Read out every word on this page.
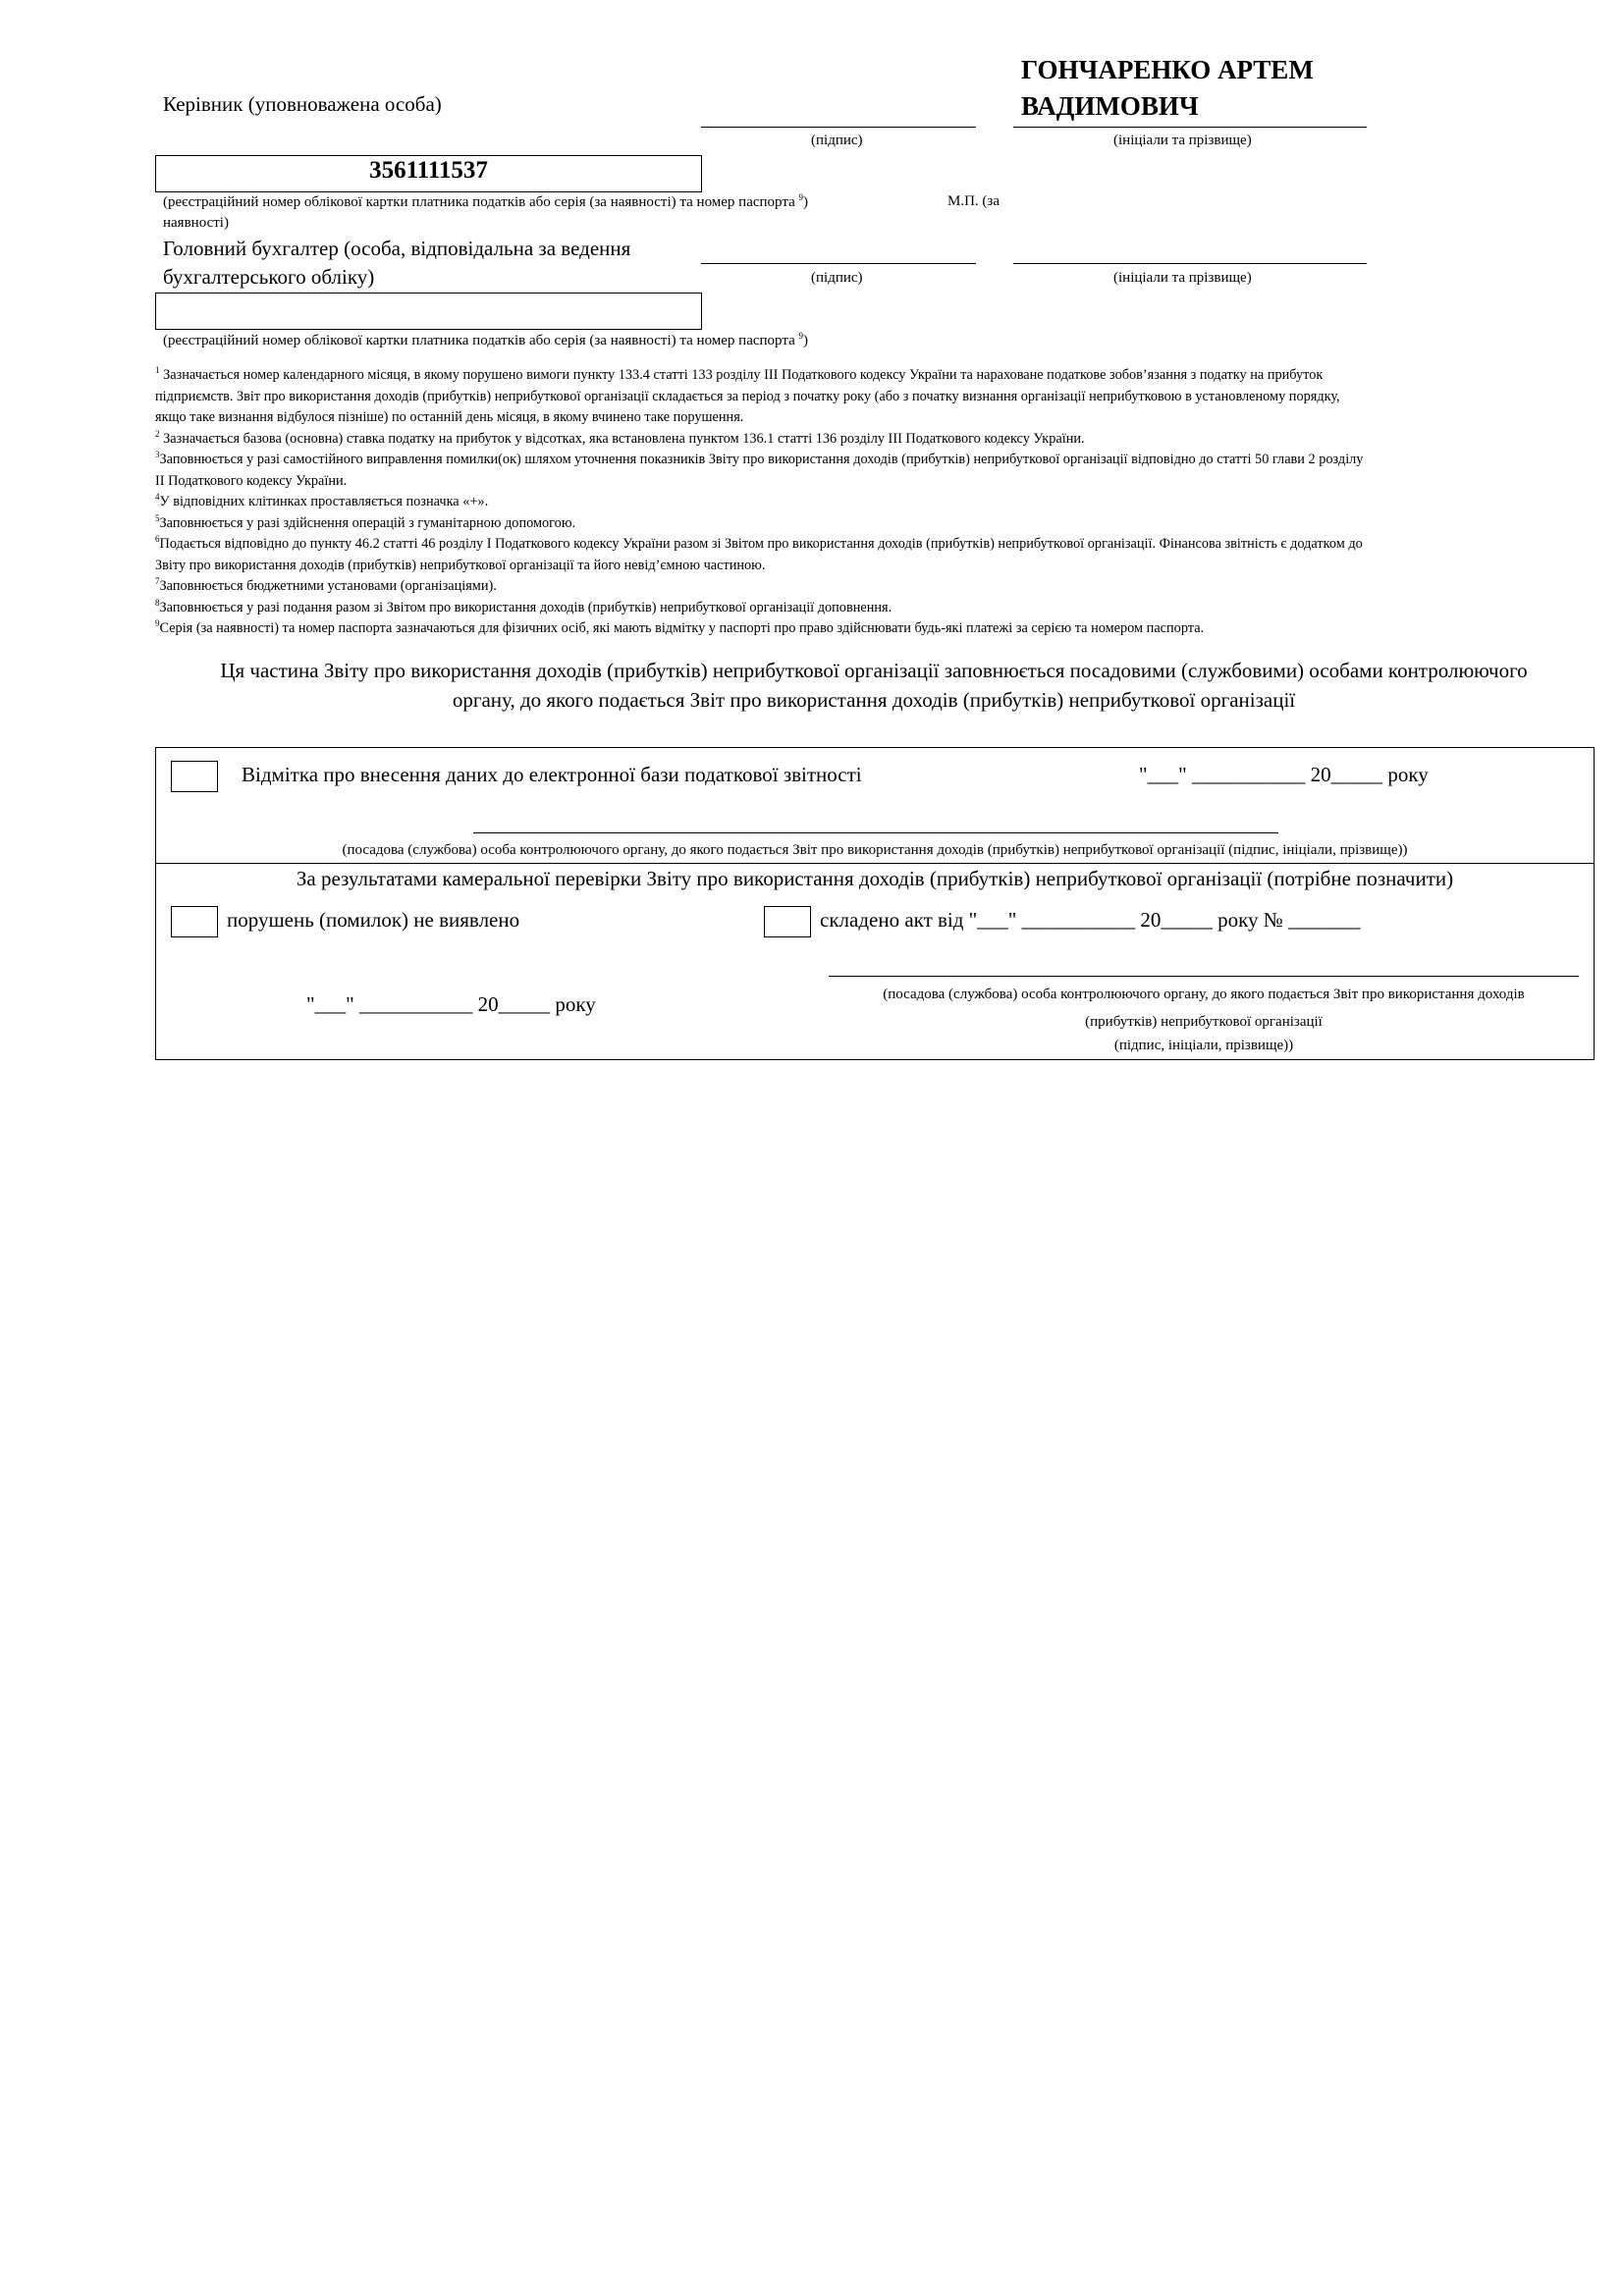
Керівник (уповноважена особа)
ГОНЧАРЕНКО АРТЕМ
ВАДИМОВИЧ
(підпис)	(ініціали та прізвище)
3561111537
(реєстраційний номер облікової картки платника податків або серія (за наявності) та номер паспорта $^9$)	М.П. (за
наявності)
Головний бухгалтер (особа, відповідальна за ведення
бухгалтерського обліку)	(підпис)	(ініціали та прізвище)
(реєстраційний номер облікової картки платника податків або серія (за наявності) та номер паспорта $^9$)

$^1$ Зазначається номер календарного місяця, в якому порушено вимоги пункту 133.4 статті 133 розділу III Податкового кодексу України та нараховане податкове зобов’язання з податку на прибуток
підприємств. Звіт про використання доходів (прибутків) неприбуткової організації складається за період з початку року (або з початку визнання організації неприбутковою в установленому порядку,
якщо таке визнання відбулося пізніше) по останній день місяця, в якому вчинено таке порушення.

$^2$ Зазначається базова (основна) ставка податку на прибуток у відсотках, яка встановлена пунктом 136.1 статті 136 розділу III Податкового кодексу України.

$^3$Заповнюється у разі самостійного виправлення помилки(ок) шляхом уточнення показників Звіту про використання доходів (прибутків) неприбуткової організації відповідно до статті 50 глави 2 розділу
II Податкового кодексу України.

$^4$У відповідних клітинках проставляється позначка «+».

$^5$Заповнюється у разі здійснення операцій з гуманітарною допомогою.

$^6$Подається відповідно до пункту 46.2 статті 46 розділу I Податкового кодексу України разом зі Звітом про використання доходів (прибутків) неприбуткової організації. Фінансова звітність є додатком до
Звіту про використання доходів (прибутків) неприбуткової організації та його невід’ємною частиною.

$^7$Заповнюється бюджетними установами (організаціями).

$^8$Заповнюється у разі подання разом зі Звітом про використання доходів (прибутків) неприбуткової організації доповнення.

$^9$Серія (за наявності) та номер паспорта зазначаються для фізичних осіб, які мають відмітку у паспорті про право здійснювати будь-які платежі за серією та номером паспорта.

Ця частина Звіту про використання доходів (прибутків) неприбуткової організації заповнюється посадовими (службовими) особами контролюючого
органу, до якого подається Звіт про використання доходів (прибутків) неприбуткової організації
Відмітка про внесення даних до електронної бази податкової звітності	"___" ___________ 20_____ року
(посадова (службова) особа контролюючого органу, до якого подається Звіт про використання доходів (прибутків) неприбуткової організації (підпис, ініціали, прізвище))
За результатами камеральної перевірки Звіту про використання доходів (прибутків) неприбуткової організації (потрібне позначити)
порушень (помилок) не виявлено	складено акт від "___" ___________ 20_____ року № _______
"___" ___________ 20_____ року	(посадова (службова) особа контролюючого органу, до якого подається Звіт про використання доходів
(прибутків) неприбуткової організації
(підпис, ініціали, прізвище))
